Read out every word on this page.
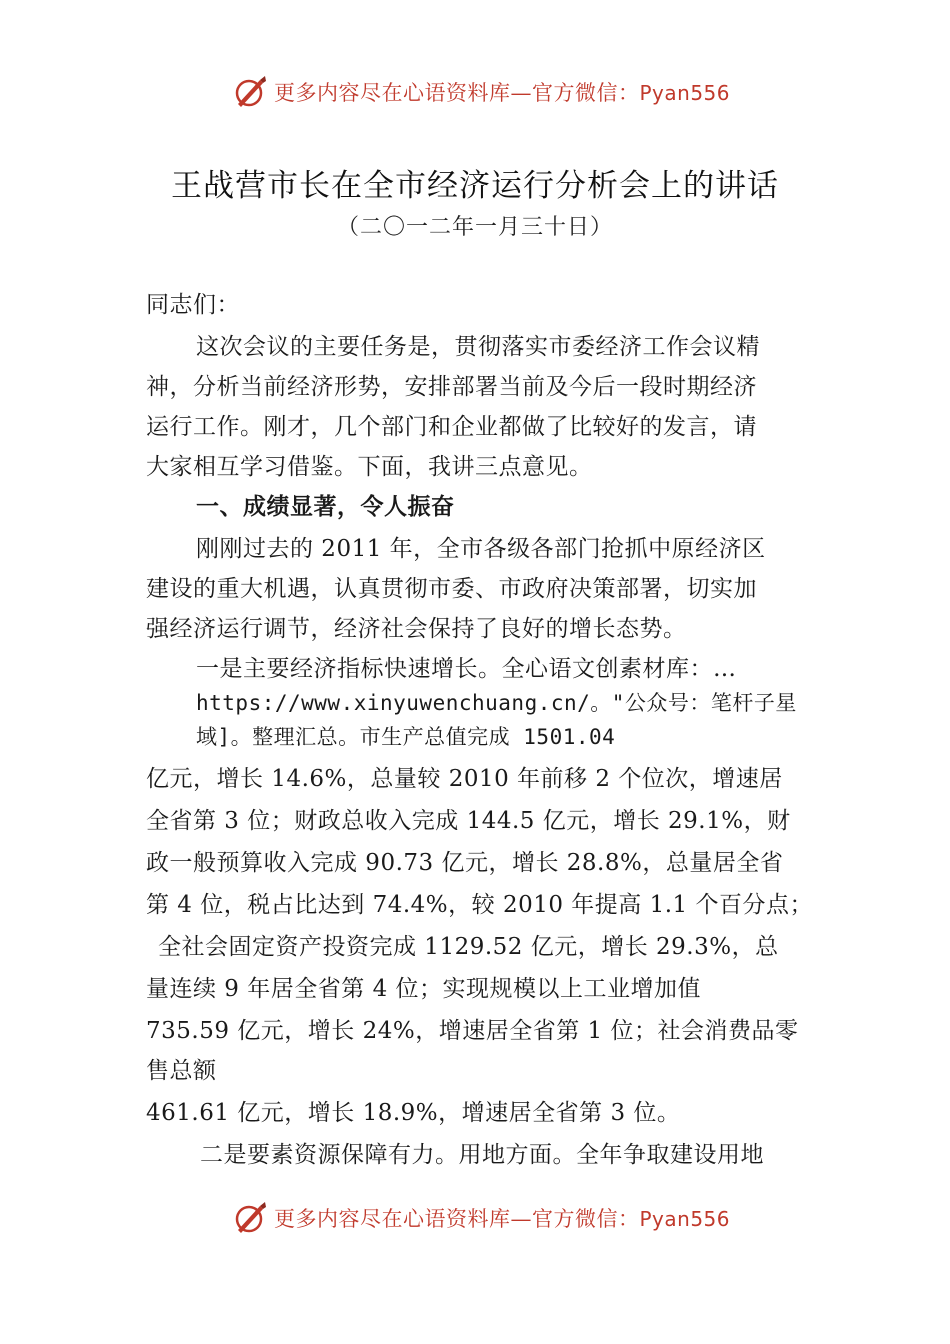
更多内容尽在心语资料库—官方微信：Pyan556
王战营市长在全市经济运行分析会上的讲话
（二〇一二年一月三十日）
同志们：
这次会议的主要任务是，贯彻落实市委经济工作会议精
神，分析当前经济形势，安排部署当前及今后一段时期经济
运行工作。刚才，几个部门和企业都做了比较好的发言，请
大家相互学习借鉴。下面，我讲三点意见。
一、成绩显著，令人振奋
刚刚过去的 2011 年，全市各级各部门抢抓中原经济区
建设的重大机遇，认真贯彻市委、市政府决策部署，切实加
强经济运行调节，经济社会保持了良好的增长态势。
一是主要经济指标快速增长。全心语文创素材库：…
https://www.xinyuwenchuang.cn/。"公众号：笔杆子星
域]。整理汇总。市生产总值完成 1501.04
亿元，增长 14.6%，总量较 2010 年前移 2 个位次，增速居
全省第 3 位；财政总收入完成 144.5 亿元，增长 29.1%，财
政一般预算收入完成 90.73 亿元，增长 28.8%，总量居全省
第 4 位，税占比达到 74.4%，较 2010 年提高 1.1 个百分点；
全社会固定资产投资完成 1129.52 亿元，增长 29.3%，总
量连续 9 年居全省第 4 位；实现规模以上工业增加值
735.59 亿元，增长 24%，增速居全省第 1 位；社会消费品零
售总额
461.61 亿元，增长 18.9%，增速居全省第 3 位。
二是要素资源保障有力。用地方面。全年争取建设用地
更多内容尽在心语资料库—官方微信：Pyan556
